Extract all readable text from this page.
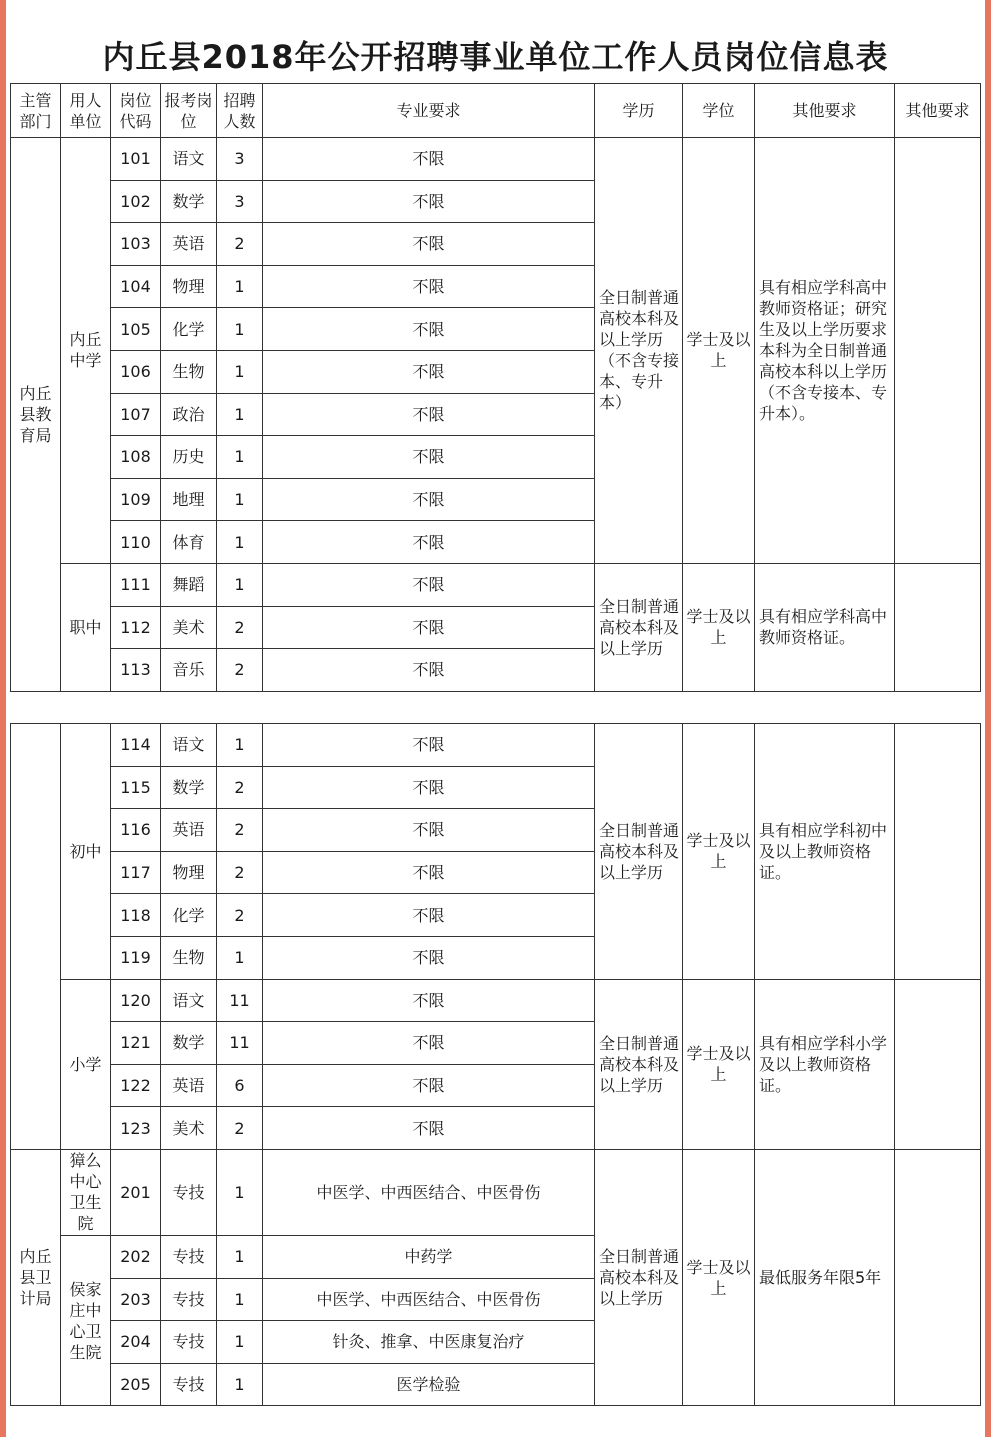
内丘县2018年公开招聘事业单位工作人员岗位信息表
主管部门	用人单位	岗位代码	报考岗位	招聘人数	专业要求	学历	学位	其他要求	其他要求
内丘县教育局	内丘中学	101	语文	3	不限	全日制普通高校本科及以上学历（不含专接本、专升本）	学士及以上	具有相应学科高中教师资格证；研究生及以上学历要求本科为全日制普通高校本科以上学历（不含专接本、专升本）。	
		102	数学	3	不限				
		103	英语	2	不限				
		104	物理	1	不限				
		105	化学	1	不限				
		106	生物	1	不限				
		107	政治	1	不限				
		108	历史	1	不限				
		109	地理	1	不限				
		110	体育	1	不限				
	职中	111	舞蹈	1	不限	全日制普通高校本科及以上学历	学士及以上	具有相应学科高中教师资格证。	
		112	美术	2	不限				
		113	音乐	2	不限				
	初中	114	语文	1	不限	全日制普通高校本科及以上学历	学士及以上	具有相应学科初中及以上教师资格证。	
		115	数学	2	不限				
		116	英语	2	不限				
		117	物理	2	不限				
		118	化学	2	不限				
		119	生物	1	不限				
	小学	120	语文	11	不限	全日制普通高校本科及以上学历	学士及以上	具有相应学科小学及以上教师资格证。	
		121	数学	11	不限				
		122	英语	6	不限				
		123	美术	2	不限				
内丘县卫计局	獐么中心卫生院	201	专技	1	中医学、中西医结合、中医骨伤	全日制普通高校本科及以上学历	学士及以上	最低服务年限5年	
	侯家庄中心卫生院	202	专技	1	中药学				
		203	专技	1	中医学、中西医结合、中医骨伤				
		204	专技	1	针灸、推拿、中医康复治疗				
		205	专技	1	医学检验				
